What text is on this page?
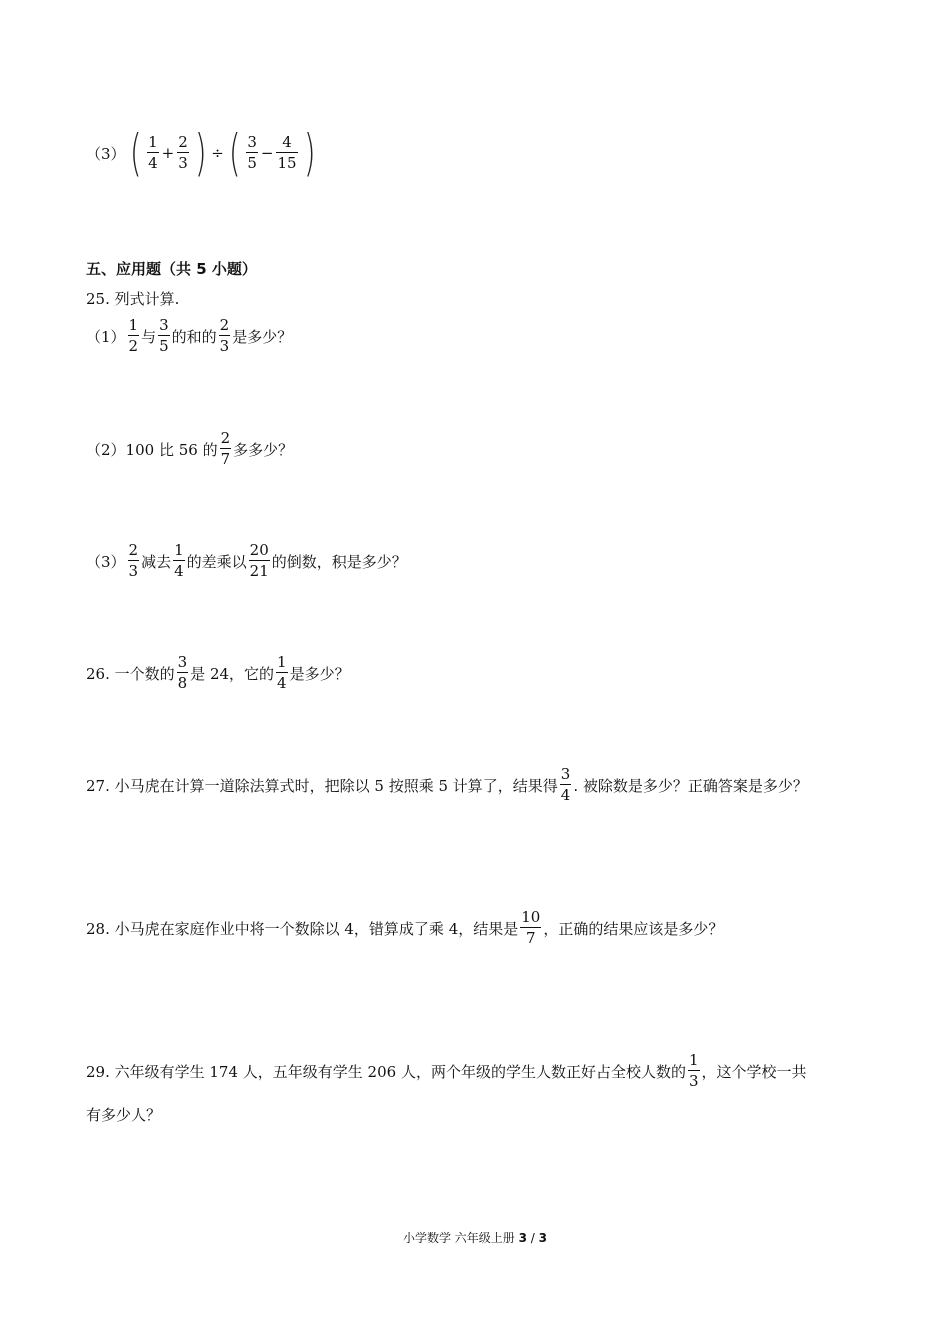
（3） ( $\frac{1}{4} + \frac{2}{3}$ ) ÷ ( $\frac{3}{5} - \frac{4}{15}$ )
五、应用题（共 5 小题）
25. 列式计算.
$(1) \frac{1}{2}$ 与 $\frac{3}{5}$ 的和的 $\frac{2}{3}$ 是多少？
（2）100 比 56 的 $\frac{2}{7}$ 多多少？
$(3) \frac{2}{3}$ 减去 $\frac{1}{4}$ 的差乘以 $\frac{20}{21}$ 的倒数，积是多少？
26. 一个数的 $\frac{3}{8}$ 是 24，它的 $\frac{1}{4}$ 是多少？
27. 小马虎在计算一道除法算式时，把除以 5 按照乘 5 计算了，结果得 $\frac{3}{4}$ . 被除数是多少？正确答案是多少？
28. 小马虎在家庭作业中将一个数除以 4，错算成了乘 4，结果是 $\frac{10}{7}$ ，正确的结果应该是多少？
29. 六年级有学生 174 人，五年级有学生 206 人，两个年级的学生人数正好占全校人数的 $\frac{1}{3}$ ，这个学校一共
有多少人？
小学数学 六年级上册 3 / 3
